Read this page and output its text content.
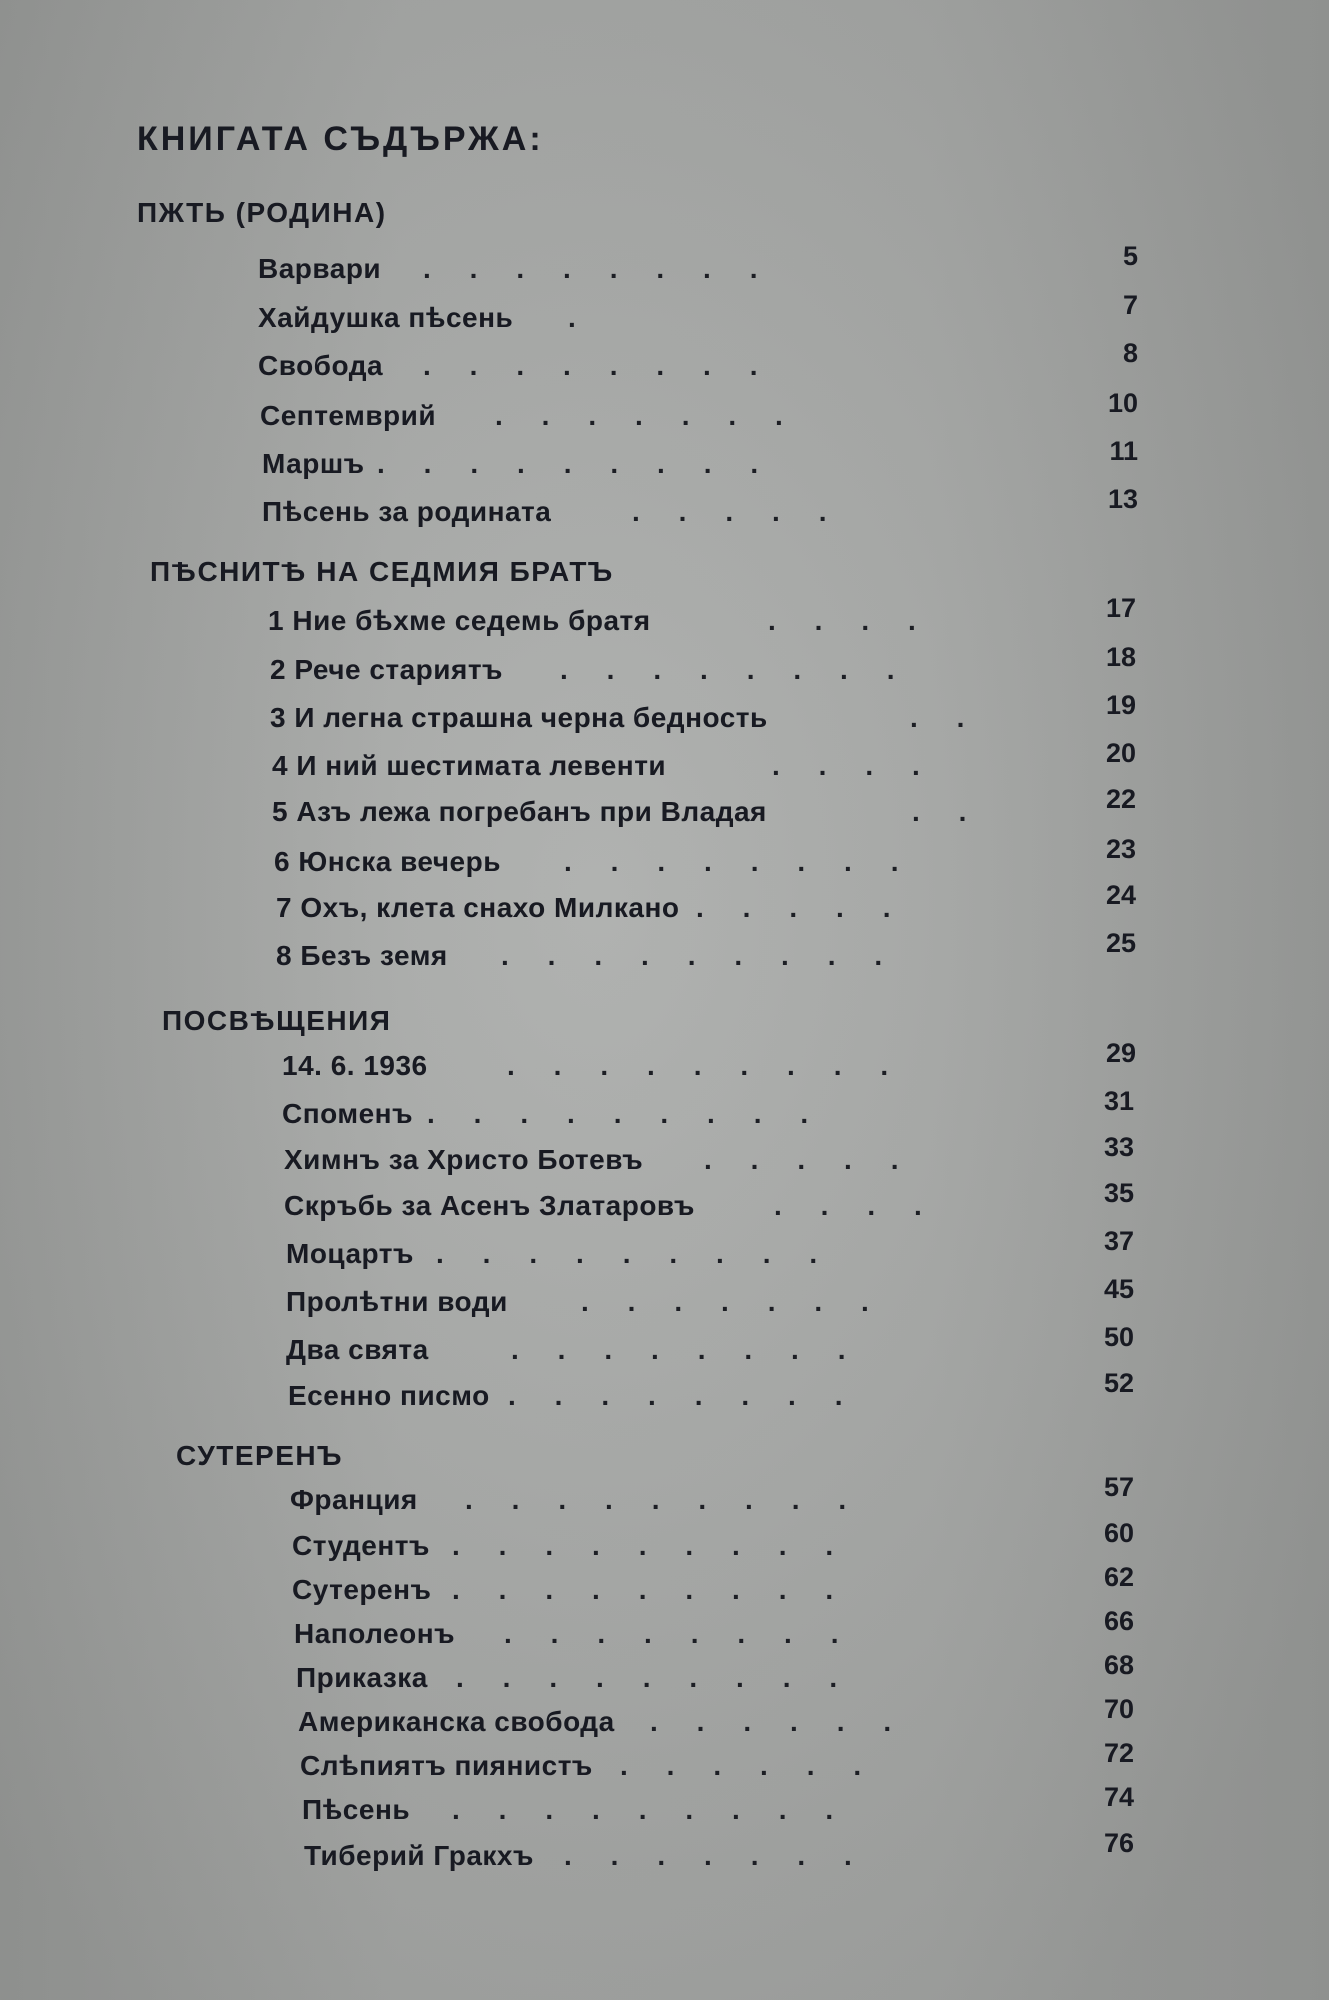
КНИГАТА СЪДЪРЖА:
ПЖТЬ (РОДИНА)
Варвари .     .     .     .     .     .     .     .	5
Хайдушка пѣсень .	7
Свобода .     .     .     .     .     .     .     .	8
Септемврий .     .     .     .     .     .     .	10
Маршъ .     .     .     .     .     .     .     .     .	11
Пѣсень за родината	.     .     .     .     .	13
ПѢСНИТѢ НА СЕДМИЯ БРАТЪ
1 Ние бѣхме седемь братя	.     .     .     .	17
2 Рече стариятъ .     .     .     .     .     .     .     .	18
3 И легна страшна черна бедность	.     .	19
4 И ний шестимата левенти	.     .     .     .	20
5 Азъ лежа погребанъ при Владая	.     .	22
6 Юнска вечерь .     .     .     .     .     .     .     .	23
7 Охъ, клета снахо Милкано .     .     .     .     .	24
8 Безъ земя .     .     .     .     .     .     .     .     .	25
ПОСВѢЩЕНИЯ
14. 6. 1936	.     .     .     .     .     .     .     .     .	29
Споменъ .     .     .     .     .     .     .     .     .	31
Химнъ за Христо Ботевъ .     .     .     .     .	33
Скръбь за Асенъ Златаровъ	.     .     .     .	35
Моцартъ .     .     .     .     .     .     .     .     .	37
Пролѣтни води	.     .     .     .     .     .     .	45
Два свята	.     .     .     .     .     .     .     .	50
Есенно писмо .     .     .     .     .     .     .     .	52
СУТЕРЕНЪ
Франция .     .     .     .     .     .     .     .     .	57
Студентъ .     .     .     .     .     .     .     .     .	60
Сутеренъ .     .     .     .     .     .     .     .     .	62
Наполеонъ .     .     .     .     .     .     .     .	66
Приказка .     .     .     .     .     .     .     .     .	68
Американска свобода .     .     .     .     .     .	70
Слѣпиятъ пиянистъ .     .     .     .     .     .	72
Пѣсень .     .     .     .     .     .     .     .     .	74
Тиберий Гракхъ .     .     .     .     .     .     .	76
